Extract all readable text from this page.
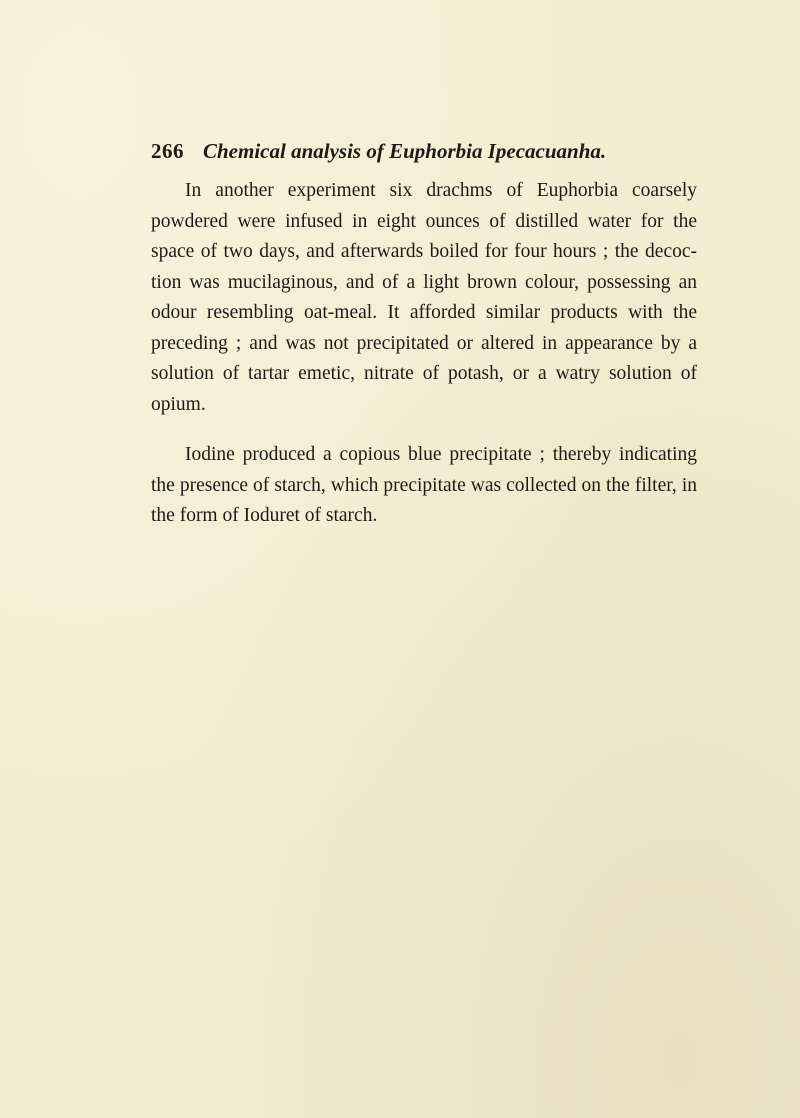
266 Chemical analysis of Euphorbia Ipecacuanha.

In another experiment six drachms of Euphorbia coarsely powdered were infused in eight ounces of distilled water for the space of two days, and afterwards boiled for four hours ; the decoc-tion was mucilaginous, and of a light brown colour, possessing an odour resembling oat-meal. It afforded similar products with the preceding ; and was not precipitated or altered in appearance by a solution of tartar emetic, nitrate of potash, or a watry solution of opium.

Iodine produced a copious blue precipitate ; thereby indicating the presence of starch, which precipitate was collected on the filter, in the form of Ioduret of starch.
